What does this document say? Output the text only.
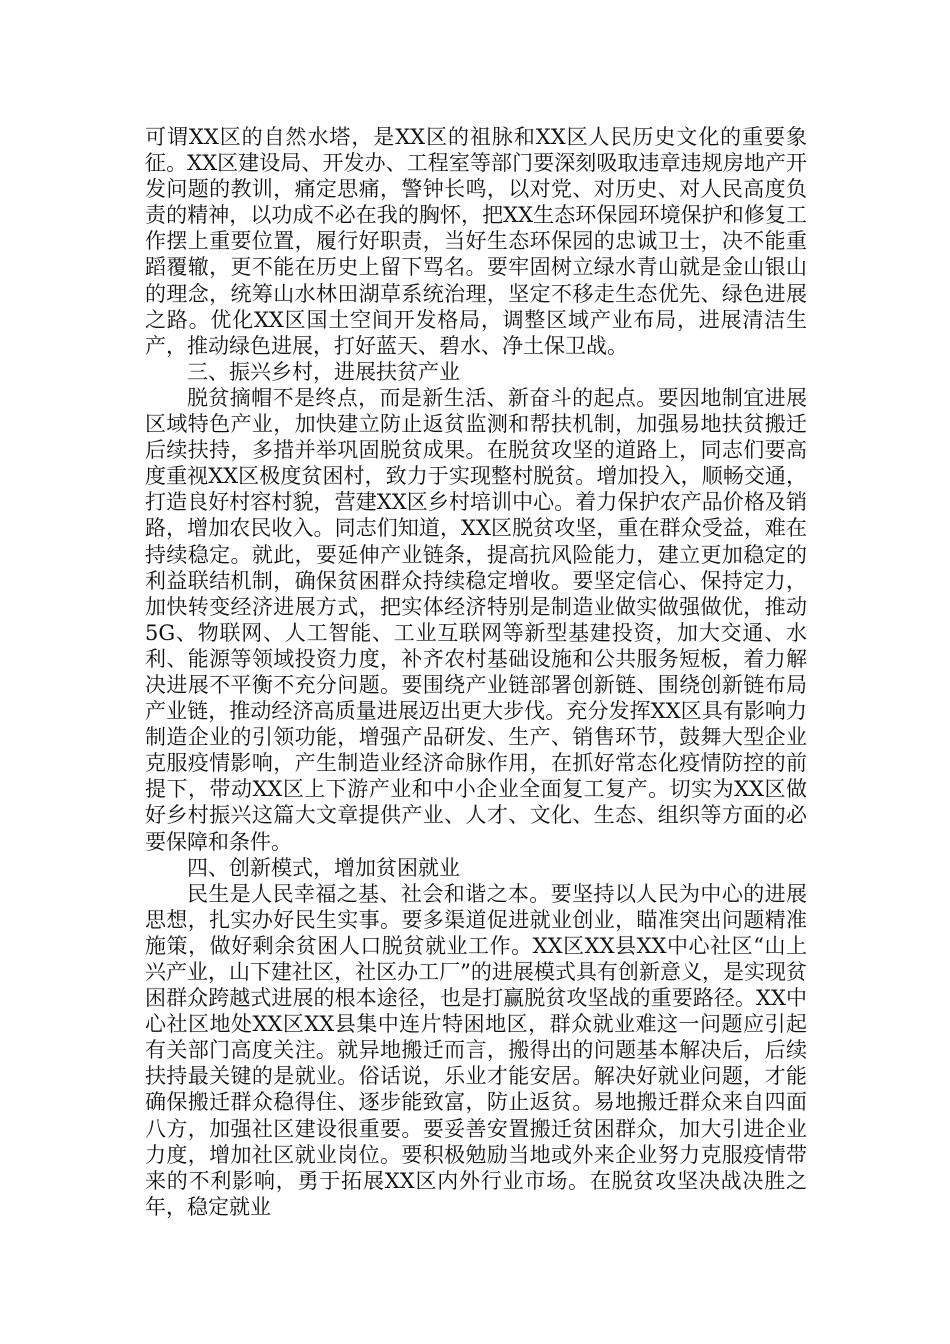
可谓XX区的自然水塔，是XX区的祖脉和XX区人民历史文化的重要象征。XX区建设局、开发办、工程室等部门要深刻吸取违章违规房地产开发问题的教训，痛定思痛，警钟长鸣，以对党、对历史、对人民高度负责的精神，以功成不必在我的胸怀，把XX生态环保园环境保护和修复工作摆上重要位置，履行好职责，当好生态环保园的忠诚卫士，决不能重蹈覆辙，更不能在历史上留下骂名。要牢固树立绿水青山就是金山银山的理念，统筹山水林田湖草系统治理，坚定不移走生态优先、绿色进展之路。优化XX区国土空间开发格局，调整区域产业布局，进展清洁生产，推动绿色进展，打好蓝天、碧水、净土保卫战。

三、振兴乡村，进展扶贫产业

脱贫摘帽不是终点，而是新生活、新奋斗的起点。要因地制宜进展区域特色产业，加快建立防止返贫监测和帮扶机制，加强易地扶贫搬迁后续扶持，多措并举巩固脱贫成果。在脱贫攻坚的道路上，同志们要高度重视XX区极度贫困村，致力于实现整村脱贫。增加投入，顺畅交通，打造良好村容村貌，营建XX区乡村培训中心。着力保护农产品价格及销路，增加农民收入。同志们知道，XX区脱贫攻坚，重在群众受益，难在持续稳定。就此，要延伸产业链条，提高抗风险能力，建立更加稳定的利益联结机制，确保贫困群众持续稳定增收。要坚定信心、保持定力，加快转变经济进展方式，把实体经济特别是制造业做实做强做优，推动5G、物联网、人工智能、工业互联网等新型基建投资，加大交通、水利、能源等领域投资力度，补齐农村基础设施和公共服务短板，着力解决进展不平衡不充分问题。要围绕产业链部署创新链、围绕创新链布局产业链，推动经济高质量进展迈出更大步伐。充分发挥XX区具有影响力制造企业的引领功能，增强产品研发、生产、销售环节，鼓舞大型企业克服疫情影响，产生制造业经济命脉作用，在抓好常态化疫情防控的前提下，带动XX区上下游产业和中小企业全面复工复产。切实为XX区做好乡村振兴这篇大文章提供产业、人才、文化、生态、组织等方面的必要保障和条件。

四、创新模式，增加贫困就业

民生是人民幸福之基、社会和谐之本。要坚持以人民为中心的进展思想，扎实办好民生实事。要多渠道促进就业创业，瞄准突出问题精准施策，做好剩余贫困人口脱贫就业工作。XX区XX县XX中心社区“山上兴产业，山下建社区，社区办工厂”的进展模式具有创新意义，是实现贫困群众跨越式进展的根本途径，也是打赢脱贫攻坚战的重要路径。XX中心社区地处XX区XX县集中连片特困地区，群众就业难这一问题应引起有关部门高度关注。就异地搬迁而言，搬得出的问题基本解决后，后续扶持最关键的是就业。俗话说，乐业才能安居。解决好就业问题，才能确保搬迁群众稳得住、逐步能致富，防止返贫。易地搬迁群众来自四面八方，加强社区建设很重要。要妥善安置搬迁贫困群众，加大引进企业力度，增加社区就业岗位。要积极勉励当地或外来企业努力克服疫情带来的不利影响，勇于拓展XX区内外行业市场。在脱贫攻坚决战决胜之年，稳定就业
